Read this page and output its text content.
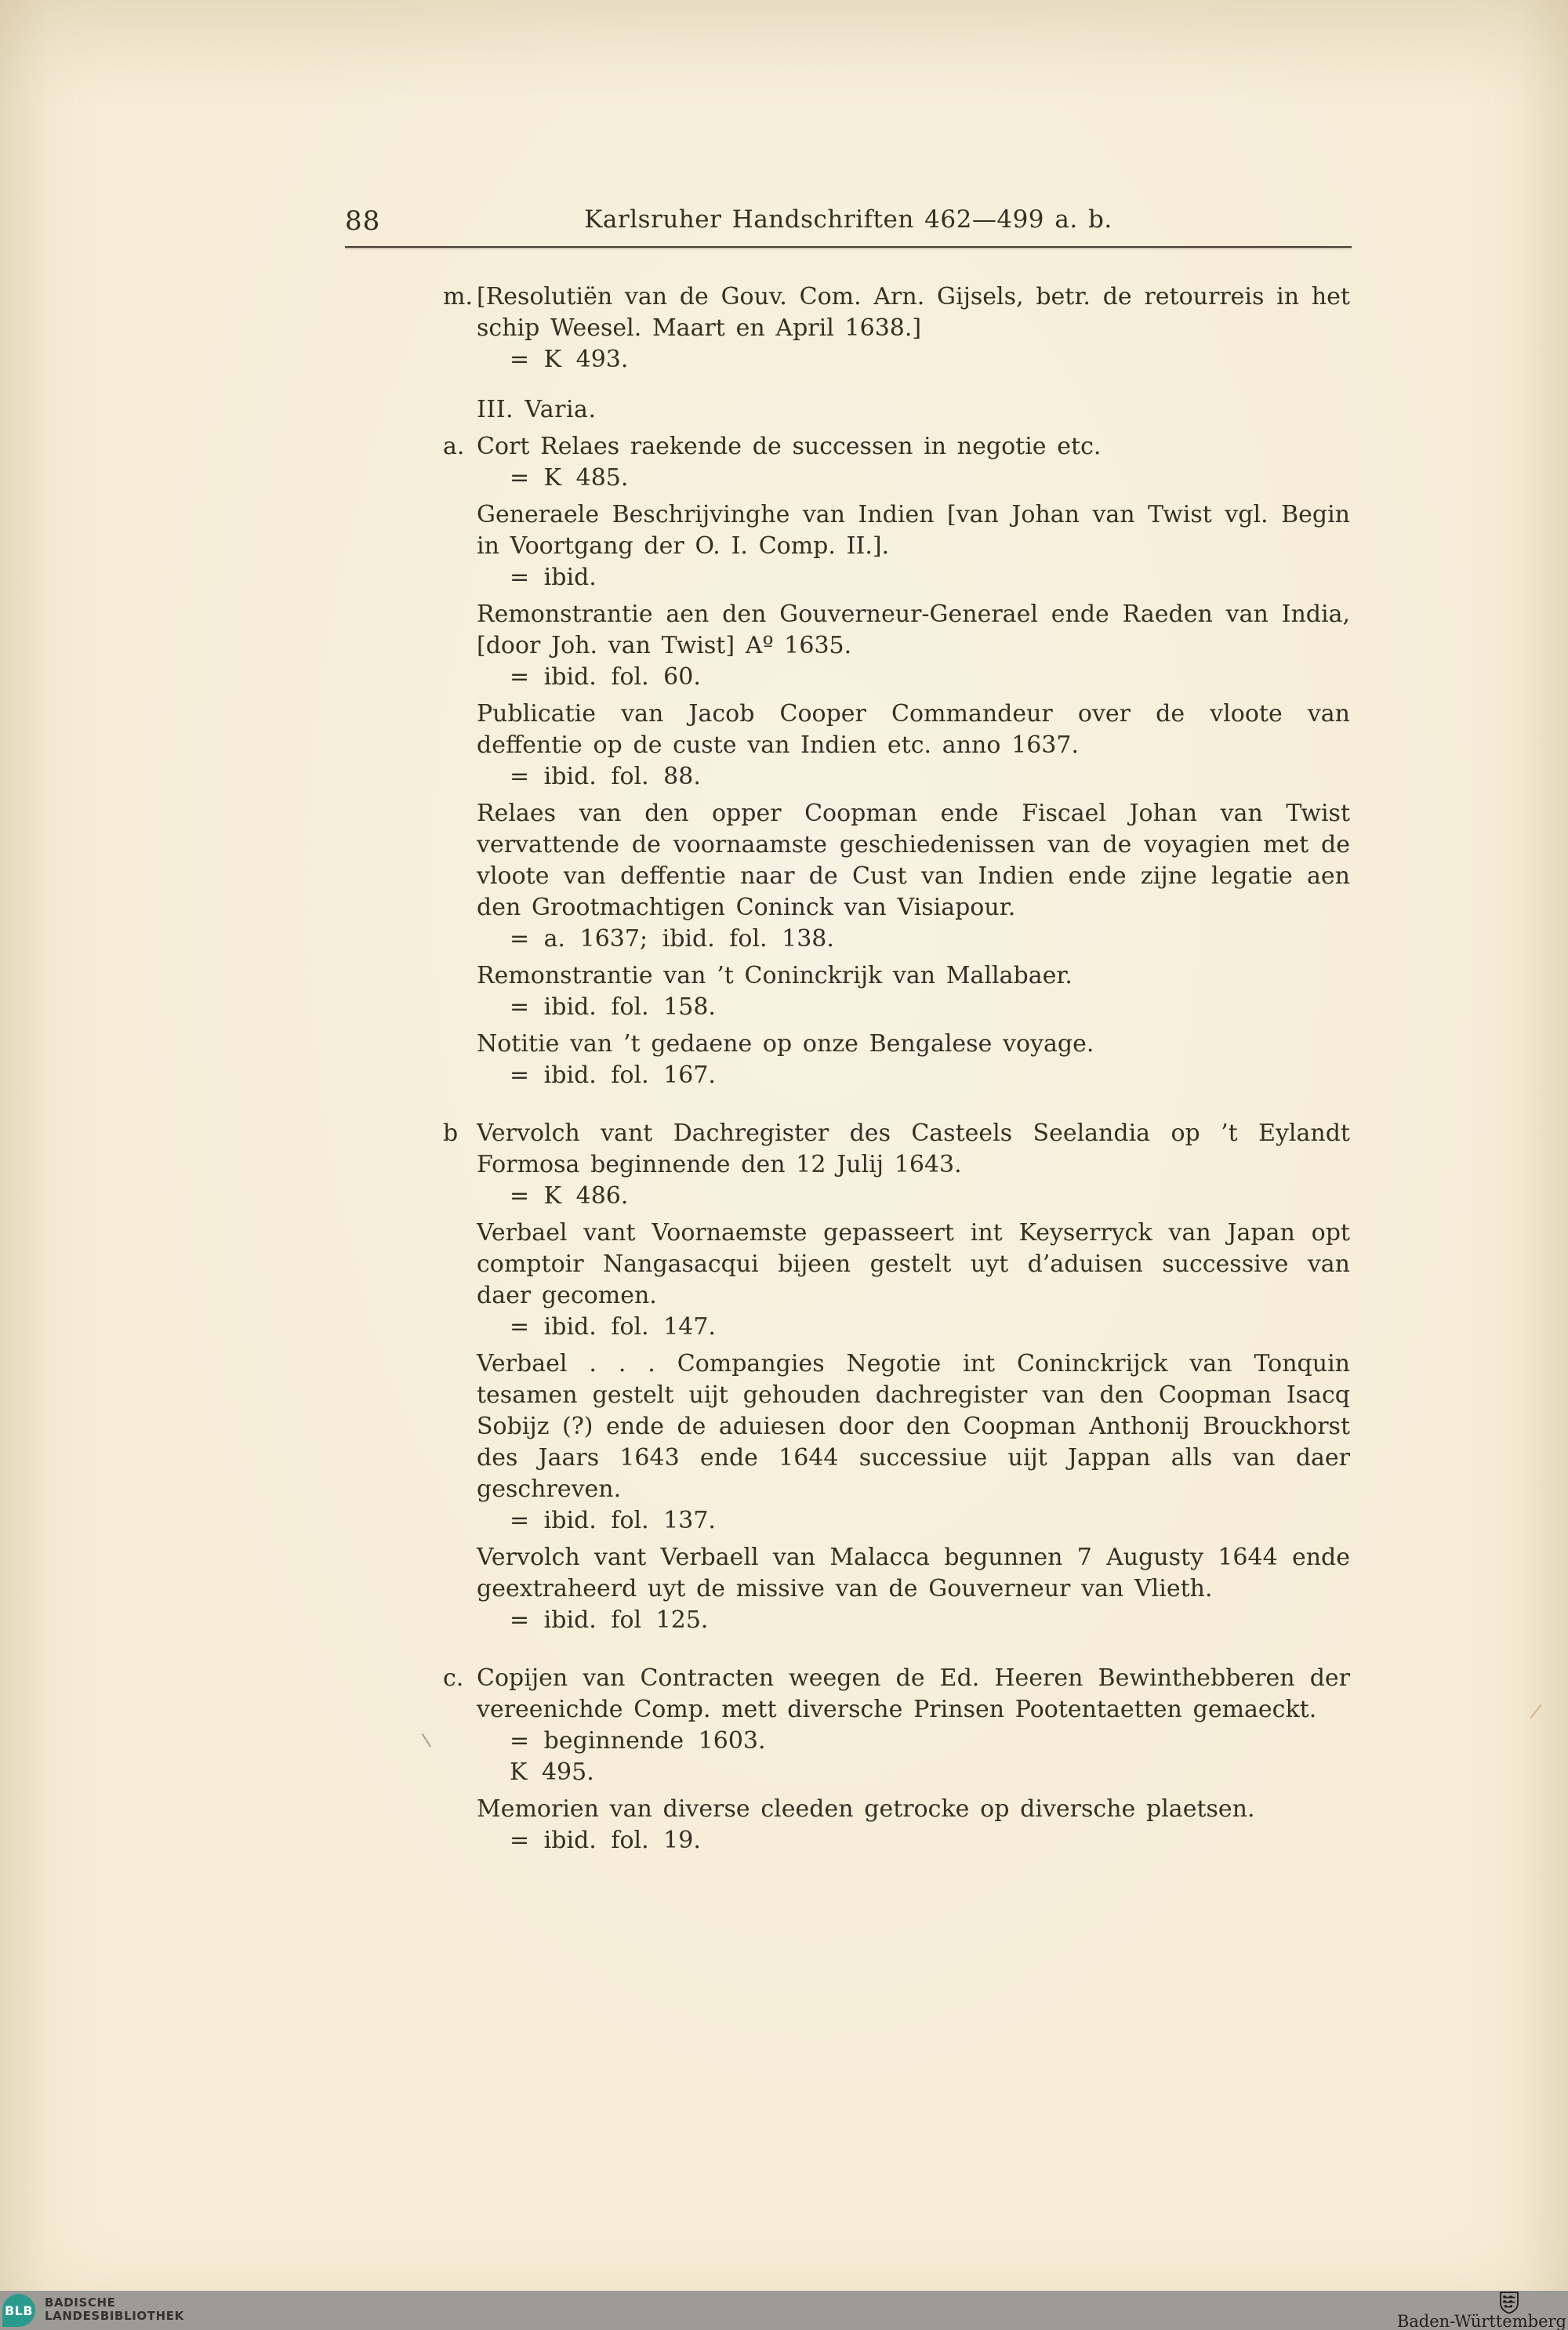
88	Karlsruher Handschriften 462—499 a. b.
m. [Resolutiën van de Gouv. Com. Arn. Gijsels, betr. de retourreis in het schip Weesel. Maart en April 1638.]
= K 493.
III. Varia.
a. Cort Relaes raekende de successen in negotie etc.
= K 485.
Generaele Beschrijvinghe van Indien [van Johan van Twist vgl. Begin in Voortgang der O. I. Comp. II.].
= ibid.
Remonstrantie aen den Gouverneur-Generael ende Raeden van India, [door Joh. van Twist] Aº 1635.
= ibid. fol. 60.
Publicatie van Jacob Cooper Commandeur over de vloote van deffentie op de custe van Indien etc. anno 1637.
= ibid. fol. 88.
Relaes van den opper Coopman ende Fiscael Johan van Twist vervattende de voornaamste geschiedenissen van de voyagien met de vloote van deffentie naar de Cust van Indien ende zijne legatie aen den Grootmachtigen Coninck van Visiapour.
= a. 1637; ibid. fol. 138.
Remonstrantie van ’t Coninckrijk van Mallabaer.
= ibid. fol. 158.
Notitie van ’t gedaene op onze Bengalese voyage.
= ibid. fol. 167.
b Vervolch vant Dachregister des Casteels Seelandia op ’t Eylandt Formosa beginnende den 12 Julij 1643.
= K 486.
Verbael vant Voornaemste gepasseert int Keyserryck van Japan opt comptoir Nangasacqui bijeen gestelt uyt d’aduisen successive van daer gecomen.
= ibid. fol. 147.
Verbael . . . Compangies Negotie int Coninckrijck van Tonquin tesamen gestelt uijt gehouden dachregister van den Coopman Isacq Sobijz (?) ende de aduiesen door den Coopman Anthonij Brouckhorst des Jaars 1643 ende 1644 successiue uijt Jappan alls van daer geschreven.
= ibid. fol. 137.
Vervolch vant Verbaell van Malacca begunnen 7 Augusty 1644 ende geextraheerd uyt de missive van de Gouverneur van Vlieth.
= ibid. fol 125.
c. Copijen van Contracten weegen de Ed. Heeren Bewinthebberen der vereenichde Comp. mett diversche Prinsen Pootentaetten gemaeckt.
= beginnende 1603.
K 495.
Memorien van diverse cleeden getrocke op diversche plaetsen.
= ibid. fol. 19.
BLB
BADISCHE
LANDESBIBLIOTHEK	Baden-Württemberg
